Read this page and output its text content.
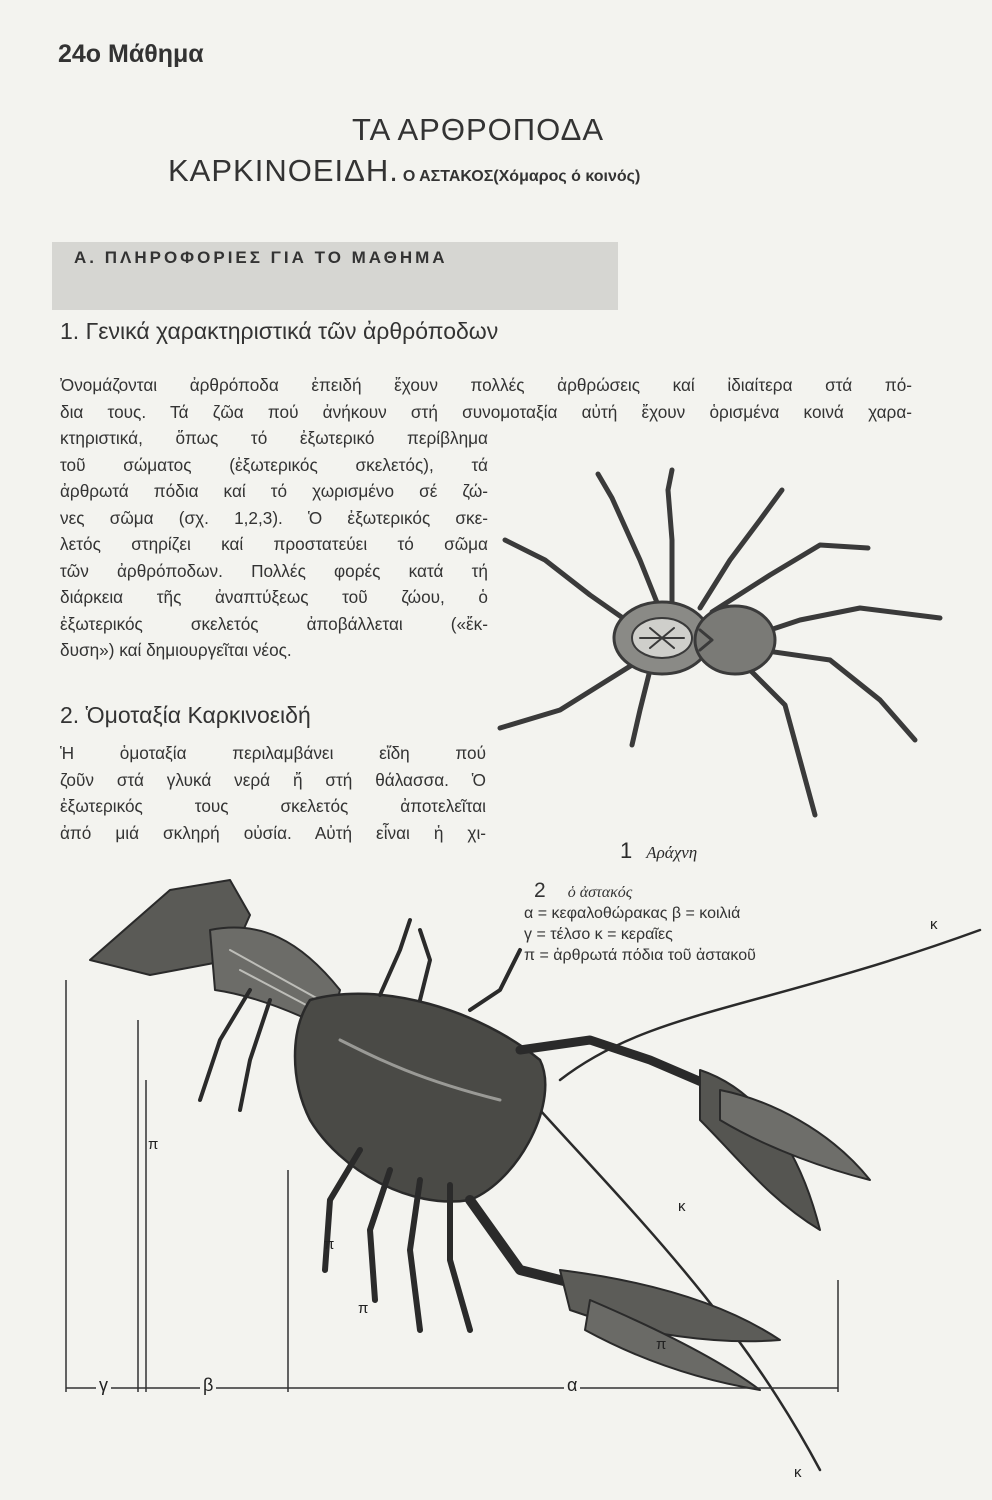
24ο Μάθημα
ΤΑ ΑΡΘΡΟΠΟΔΑ
ΚΑΡΚΙΝΟΕΙΔΗ. Ο ΑΣΤΑΚΟΣ(Χόμαρος ό κοινός)
Α. ΠΛΗΡΟΦΟΡΙΕΣ ΓΙΑ ΤΟ ΜΑΘΗΜΑ
1. Γενικά χαρακτηριστικά τῶν ἀρθρόποδων
Ὀνομάζονται ἀρθρόποδα ἐπειδή ἔχουν πολλές ἀρθρώσεις καί ἰδιαίτερα στά πό-
δια τους. Τά ζῶα πού ἀνήκουν στή συνομοταξία αὐτή ἔχουν ὁρισμένα κοινά χαρα-
κτηριστικά, ὅπως τό ἐξωτερικό περίβλημα
τοῦ σώματος (ἐξωτερικός σκελετός), τά
ἀρθρωτά πόδια καί τό χωρισμένο σέ ζώ-
νες σῶμα (σχ. 1,2,3). Ὁ ἐξωτερικός σκε-
λετός στηρίζει καί προστατεύει τό σῶμα
τῶν ἀρθρόποδων. Πολλές φορές κατά τή
διάρκεια τῆς ἀναπτύξεως τοῦ ζώου, ὁ
ἐξωτερικός σκελετός ἀποβάλλεται («ἔκ-
δυση») καί δημιουργεῖται νέος.
2. Ὁμοταξία Καρκινοειδή
Ἡ ὁμοταξία περιλαμβάνει εἴδη πού
ζοῦν στά γλυκά νερά ἤ στή θάλασσα. Ὁ
ἐξωτερικός τους σκελετός ἀποτελεῖται
ἀπό μιά σκληρή οὐσία. Αὐτή εἶναι ἡ χι-
1 Αράχνη
2 ὁ ἀστακός
α = κεφαλοθώρακας β = κοιλιά
γ = τέλσο κ = κεραῖες
π = ἀρθρωτά πόδια τοῦ ἀστακοῦ
κ
κ
κ
π
π
π
π
γ	β	α
